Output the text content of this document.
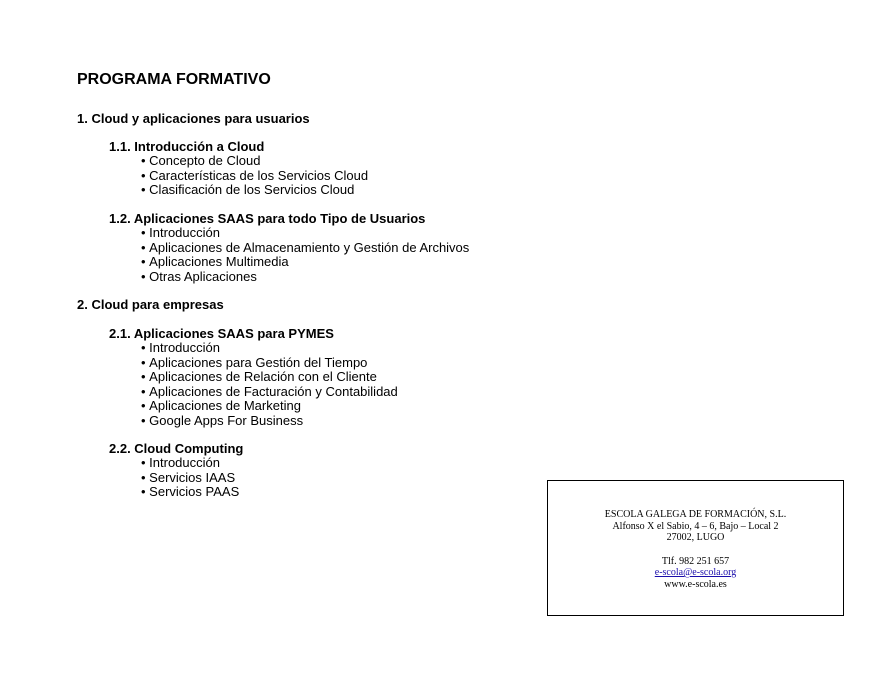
PROGRAMA FORMATIVO
1. Cloud y aplicaciones para usuarios
1.1. Introducción a Cloud
• Concepto de Cloud
• Características de los Servicios Cloud
• Clasificación de los Servicios Cloud
1.2. Aplicaciones SAAS para todo Tipo de Usuarios
• Introducción
• Aplicaciones de Almacenamiento y Gestión de Archivos
• Aplicaciones Multimedia
• Otras Aplicaciones
2. Cloud para empresas
2.1. Aplicaciones SAAS para PYMES
• Introducción
• Aplicaciones para Gestión del Tiempo
• Aplicaciones de Relación con el Cliente
• Aplicaciones de Facturación y Contabilidad
• Aplicaciones de Marketing
• Google Apps For Business
2.2. Cloud Computing
• Introducción
• Servicios IAAS
• Servicios PAAS
ESCOLA GALEGA DE FORMACIÓN, S.L.
Alfonso X el Sabio, 4 – 6, Bajo – Local 2
27002, LUGO
Tlf. 982 251 657
e-scola@e-scola.org
www.e-scola.es
